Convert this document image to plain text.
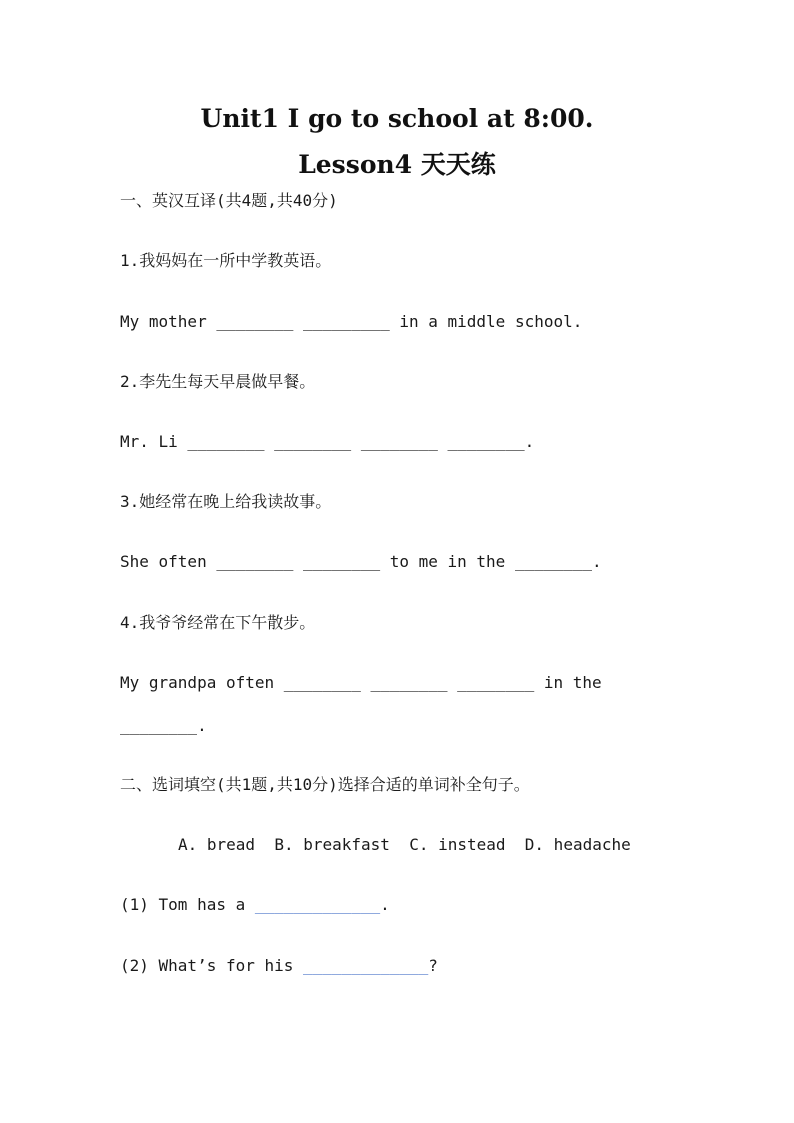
Unit1 I go to school at 8:00.
Lesson4 天天练
一、英汉互译(共4题,共40分)
1.我妈妈在一所中学教英语。
My mother ________ _________ in a middle school.
2.李先生每天早晨做早餐。
Mr. Li ________ ________ ________ ________.
3.她经常在晚上给我读故事。
She often ________ ________ to me in the ________.
4.我爷爷经常在下午散步。
My grandpa often ________ ________ ________ in the
________.
二、选词填空(共1题,共10分)选择合适的单词补全句子。
A. bread  B. breakfast  C. instead  D. headache
(1) Tom has a _____________.
(2) What’s for his _____________?
